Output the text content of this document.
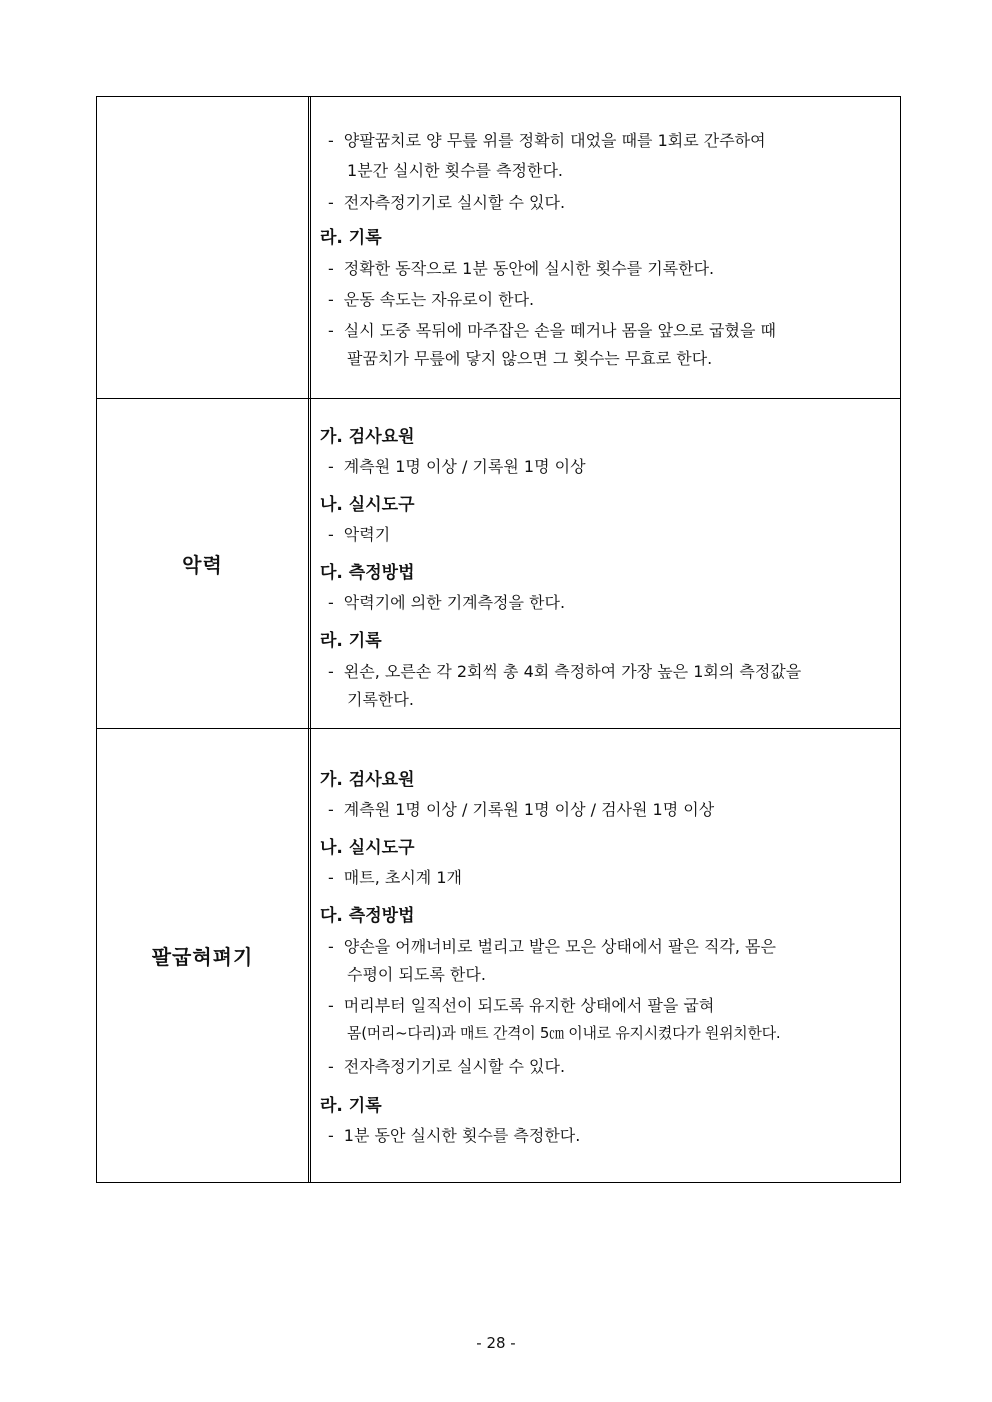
- 양팔꿈치로 양 무릎 위를 정확히 대었을 때를 1회로 간주하여
1분간 실시한 횟수를 측정한다.
- 전자측정기기로 실시할 수 있다.
라. 기록
- 정확한 동작으로 1분 동안에 실시한 횟수를 기록한다.
- 운동 속도는 자유로이 한다.
- 실시 도중 목뒤에 마주잡은 손을 떼거나 몸을 앞으로 굽혔을 때
팔꿈치가 무릎에 닿지 않으면 그 횟수는 무효로 한다.
악력
가. 검사요원
- 계측원 1명 이상 / 기록원 1명 이상
나. 실시도구
- 악력기
다. 측정방법
- 악력기에 의한 기계측정을 한다.
라. 기록
- 왼손, 오른손 각 2회씩 총 4회 측정하여 가장 높은 1회의 측정값을
기록한다.
팔굽혀펴기
가. 검사요원
- 계측원 1명 이상 / 기록원 1명 이상 / 검사원 1명 이상
나. 실시도구
- 매트, 초시계 1개
다. 측정방법
- 양손을 어깨너비로 벌리고 발은 모은 상태에서 팔은 직각, 몸은
수평이 되도록 한다.
- 머리부터 일직선이 되도록 유지한 상태에서 팔을 굽혀
몸(머리~다리)과 매트 간격이 5㎝ 이내로 유지시켰다가 원위치한다.
- 전자측정기기로 실시할 수 있다.
라. 기록
- 1분 동안 실시한 횟수를 측정한다.
- 28 -
